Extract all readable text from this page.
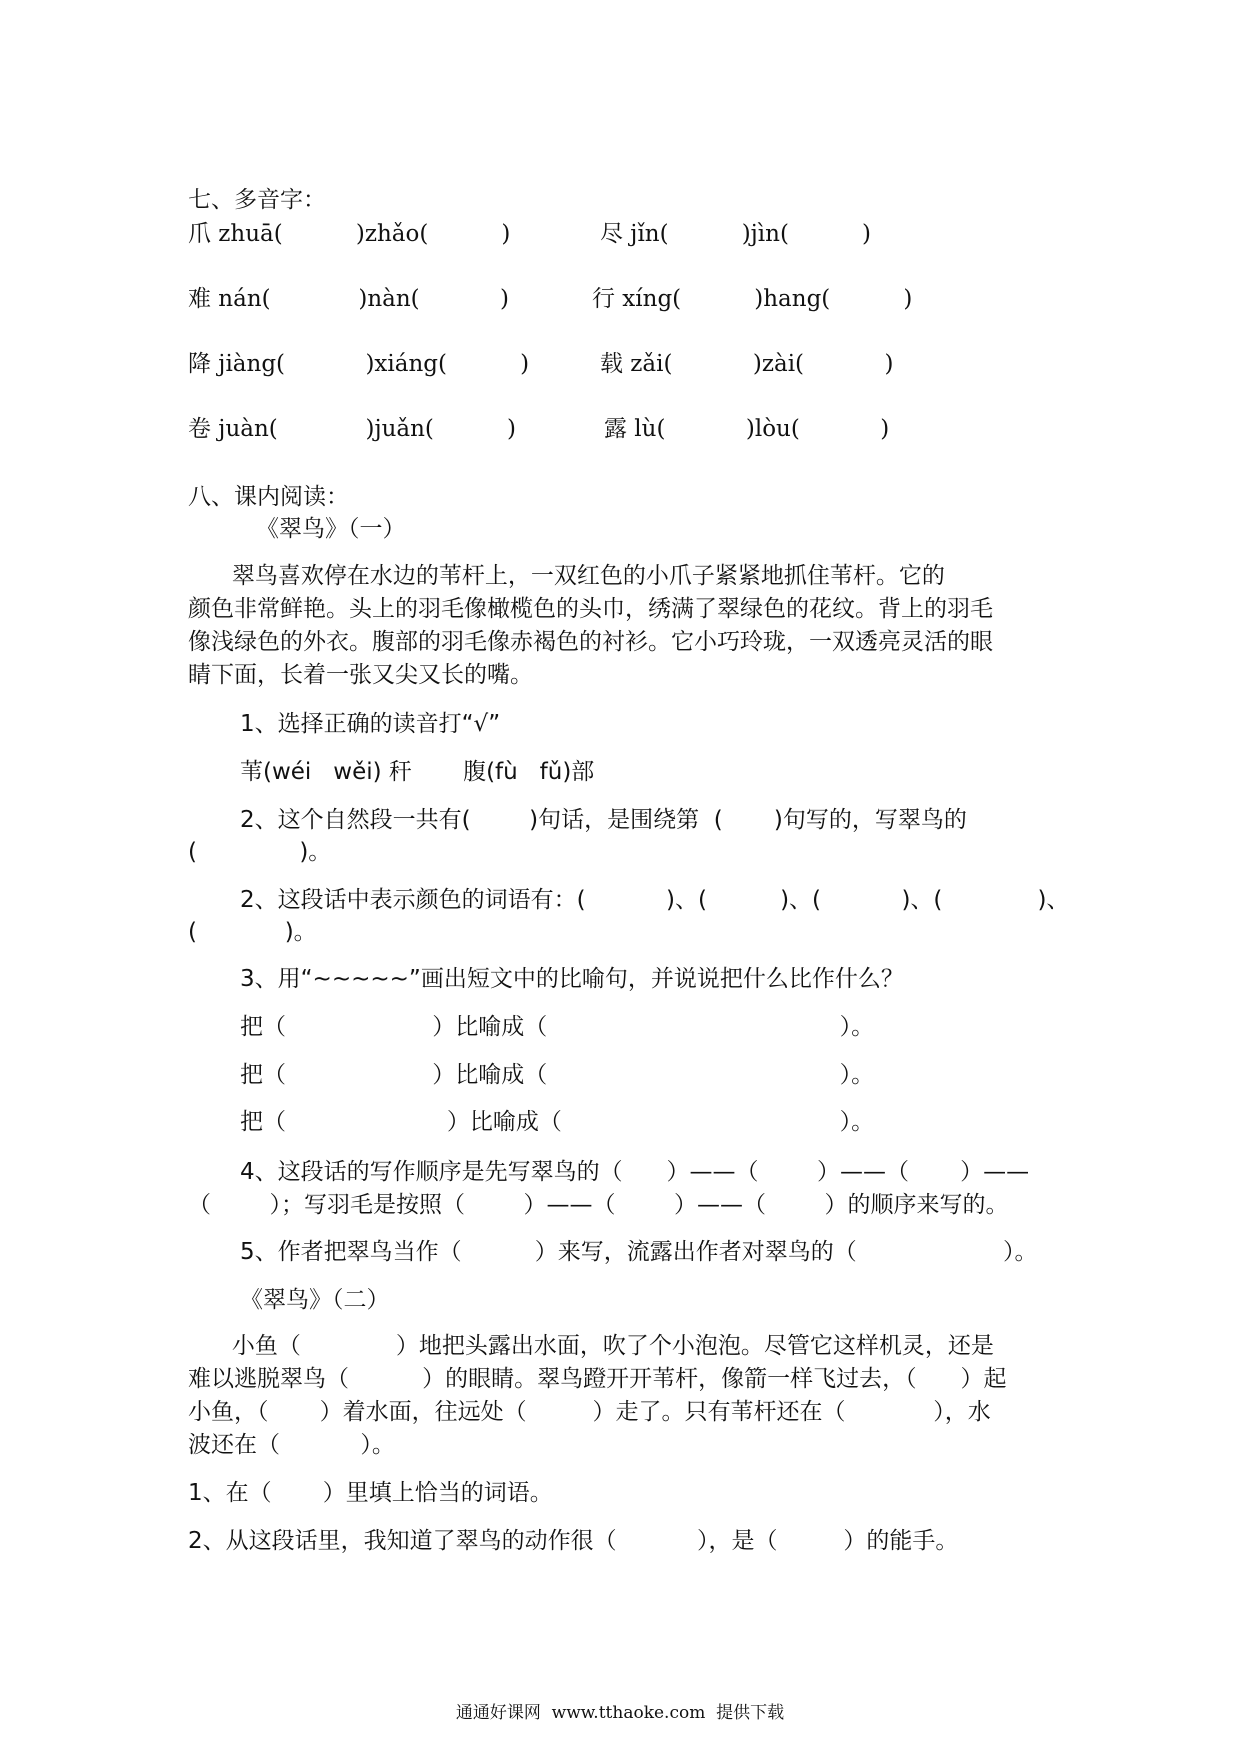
七、多音字：
爪 zhuā(          )zhǎo(          )	尽 jǐn(          )jìn(          )
难 nán(            )nàn(           )	行 xíng(          )hang(          )
降 jiàng(           )xiáng(          )	载 zǎi(           )zài(           )
卷 juàn(            )juǎn(          )	露 lù(           )lòu(           )
八、课内阅读：
《翠鸟》（一）
翠鸟喜欢停在水边的苇杆上，一双红色的小爪子紧紧地抓住苇杆。它的
颜色非常鲜艳。头上的羽毛像橄榄色的头巾，绣满了翠绿色的花纹。背上的羽毛
像浅绿色的外衣。腹部的羽毛像赤褐色的衬衫。它小巧玲珑，一双透亮灵活的眼
睛下面，长着一张又尖又长的嘴。
1、选择正确的读音打“√”
苇(wéi   wěi) 秆       腹(fù   fǔ)部
2、这个自然段一共有(        )句话，是围绕第  (       )句写的，写翠鸟的
(              )。
2、这段话中表示颜色的词语有：(           )、(          )、(           )、(             )、
(            )。
3、用“~~~~~”画出短文中的比喻句，并说说把什么比作什么？
把（                    ）比喻成（                                        ）。
把（                    ）比喻成（                                        ）。
把（                      ）比喻成（                                      ）。
4、这段话的写作顺序是先写翠鸟的（      ）——（        ）——（       ）——
（        ）；写羽毛是按照（        ）——（        ）——（        ）的顺序来写的。
5、作者把翠鸟当作（          ）来写，流露出作者对翠鸟的（                    ）。
《翠鸟》（二）
小鱼（             ）地把头露出水面，吹了个小泡泡。尽管它这样机灵，还是
难以逃脱翠鸟（          ）的眼睛。翠鸟蹬开开苇杆，像箭一样飞过去，（      ）起
小鱼，（       ）着水面，往远处（         ）走了。只有苇杆还在（            ），水
波还在（           ）。
1、在（       ）里填上恰当的词语。
2、从这段话里，我知道了翠鸟的动作很（           ），是（         ）的能手。
通通好课网  www.tthaoke.com  提供下载
